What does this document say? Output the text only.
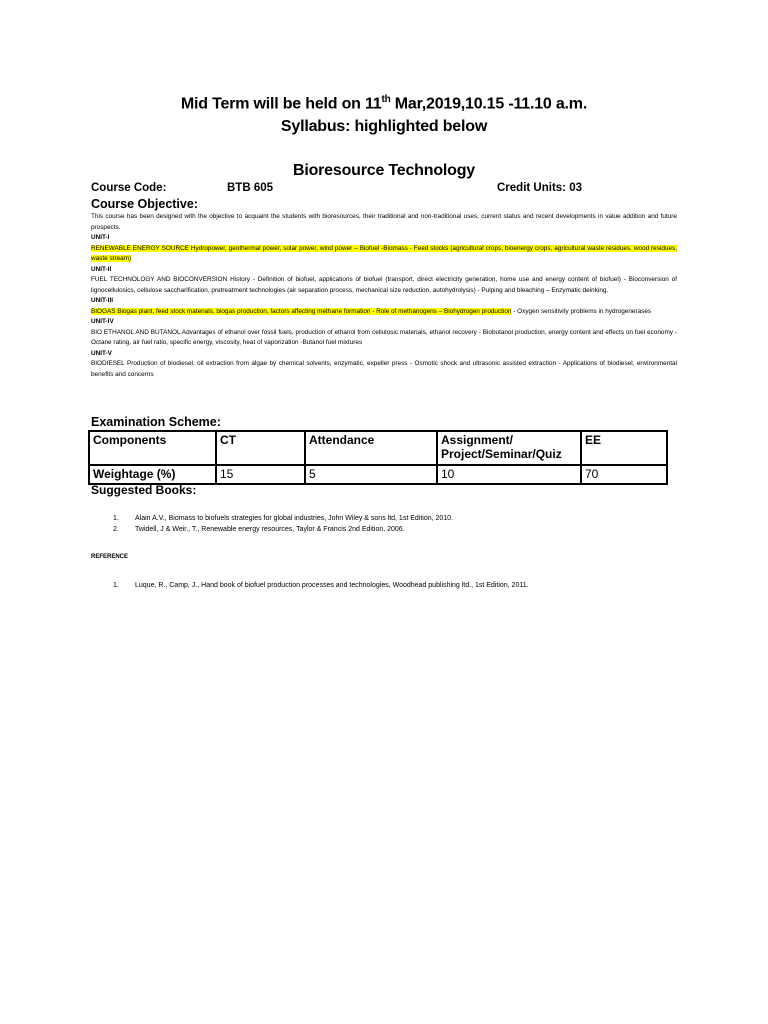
Mid Term will be held on 11th Mar,2019,10.15 -11.10 a.m.
Syllabus: highlighted below
Bioresource Technology
Course Code:	BTB 605	Credit Units: 03
Course Objective:

This course has been designed with the objective to acquaint the students with bioresources, their traditional and non-traditional uses, current status and recent developments in value addition and future prospects.

UNIT-I

RENEWABLE ENERGY SOURCE Hydropower, geothermal power, solar power, wind power – Biofuel -Biomass - Feed stocks (agricultural crops, bioenergy crops, agricultural waste residues, wood residues, waste stream)

UNIT-II

FUEL TECHNOLOGY AND BIOCONVERSION History - Definition of biofuel, applications of biofuel (transport, direct electricity generation, home use and energy content of biofuel) - Bioconversion of lignocellulosics, cellulose saccharification, pretreatment technologies (air separation process, mechanical size reduction, autohydrolysis) - Pulping and bleaching – Enzymatic deinking.

UNIT-III

BIOGAS Biogas plant, feed stock materials, biogas production, factors affecting methane formation - Role of methanogens – Biohydrogen production - Oxygen sensitivity problems in hydrogenerases

UNIT-IV

BIO ETHANOL AND BUTANOL Advantages of ethanol over fossil fuels, production of ethanol from cellulosic materials, ethanol recovery - Biobutanol production, energy content and effects on fuel economy - Octane rating, air fuel ratio, specific energy, viscosity, heat of vaporization -Butanol fuel mixtures

UNIT-V

BIODIESEL Production of biodiesel, oil extraction from algae by chemical solvents, enzymatic, expeller press - Osmotic shock and ultrasonic assisted extraction - Applications of biodiesel, environmental benefits and concerns

Examination Scheme:
Components	CT	Attendance	Assignment/
Project/Seminar/Quiz	EE
Weightage (%)	15	5	10	70
Suggested Books:
1. Alain A.V., Biomass to biofuels strategies for global industries, John Wiley & sons ltd, 1st Edition, 2010.
2. Twidell, J & Weir., T., Renewable energy resources, Taylor & Francis 2nd Edition, 2006.
REFERENCE
1. Luque, R., Camp, J., Hand book of biofuel production processes and technologies, Woodhead publishing ltd., 1st Edition, 2011.
